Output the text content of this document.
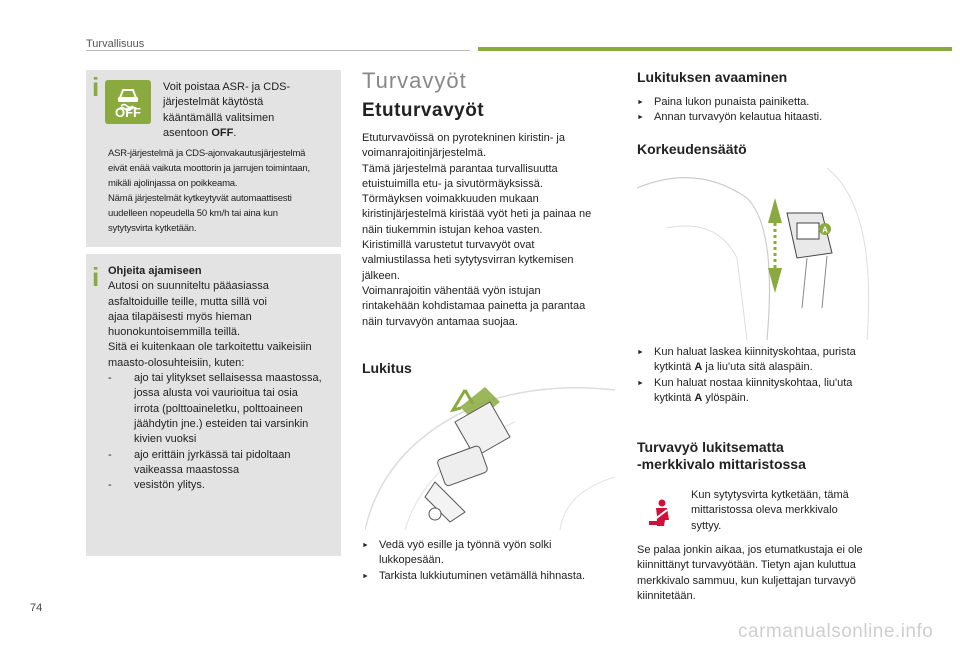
Turvallisuus
i
OFF
Voit poistaa ASR- ja CDS-
järjestelmät käytöstä
kääntämällä valitsimen
asentoon OFF.
ASR-järjestelmä ja CDS-ajonvakautusjärjestelmä
eivät enää vaikuta moottorin ja jarrujen toimintaan,
mikäli ajolinjassa on poikkeama.
Nämä järjestelmät kytkeytyvät automaattisesti
uudelleen nopeudella 50 km/h tai aina kun
sytytysvirta kytketään.
i Ohjeita ajamiseen
Autosi on suunniteltu pääasiassa
asfaltoiduille teille, mutta sillä voi
ajaa tilapäisesti myös hieman
huonokuntoisemmilla teillä.
Sitä ei kuitenkaan ole tarkoitettu vaikeisiin
maasto-olosuhteisiin, kuten:
- ajo tai ylitykset sellaisessa maastossa,
jossa alusta voi vaurioitua tai osia
irrota (polttoaineletku, polttoaineen
jäähdytin jne.) esteiden tai varsinkin
kivien vuoksi
- ajo erittäin jyrkässä tai pidoltaan
vaikeassa maastossa
- vesistön ylitys.
Turvavyöt
Etuturvavyöt
Etuturvavöissä on pyrotekninen kiristin- ja
voimanrajoitinjärjestelmä.
Tämä järjestelmä parantaa turvallisuutta
etuistuimilla etu- ja sivutörmäyksissä.
Törmäyksen voimakkuuden mukaan
kiristinjärjestelmä kiristää vyöt heti ja painaa ne
näin tiukemmin istujan kehoa vasten.
Kiristimillä varustetut turvavyöt ovat
valmiustilassa heti sytytysvirran kytkemisen
jälkeen.
Voimanrajoitin vähentää vyön istujan
rintakehään kohdistamaa painetta ja parantaa
näin turvavyön antamaa suojaa.
Lukitus
► Vedä vyö esille ja työnnä vyön solki
lukkopesään.
► Tarkista lukkiutuminen vetämällä hihnasta.
Lukituksen avaaminen
► Paina lukon punaista painiketta.
► Annan turvavyön kelautua hitaasti.
Korkeudensäätö
A
► Kun haluat laskea kiinnityskohtaa, purista
kytkintä A ja liu'uta sitä alaspäin.
► Kun haluat nostaa kiinnityskohtaa, liu'uta
kytkintä A ylöspäin.
Turvavyö lukitsematta
-merkkivalo mittaristossa
Kun sytytysvirta kytketään, tämä
mittaristossa oleva merkkivalo
syttyy.
Se palaa jonkin aikaa, jos etumatkustaja ei ole
kiinnittänyt turvavyötään. Tietyn ajan kuluttua
merkkivalo sammuu, kun kuljettajan turvavyö
kiinnitetään.
74
carmanualsonline.info
